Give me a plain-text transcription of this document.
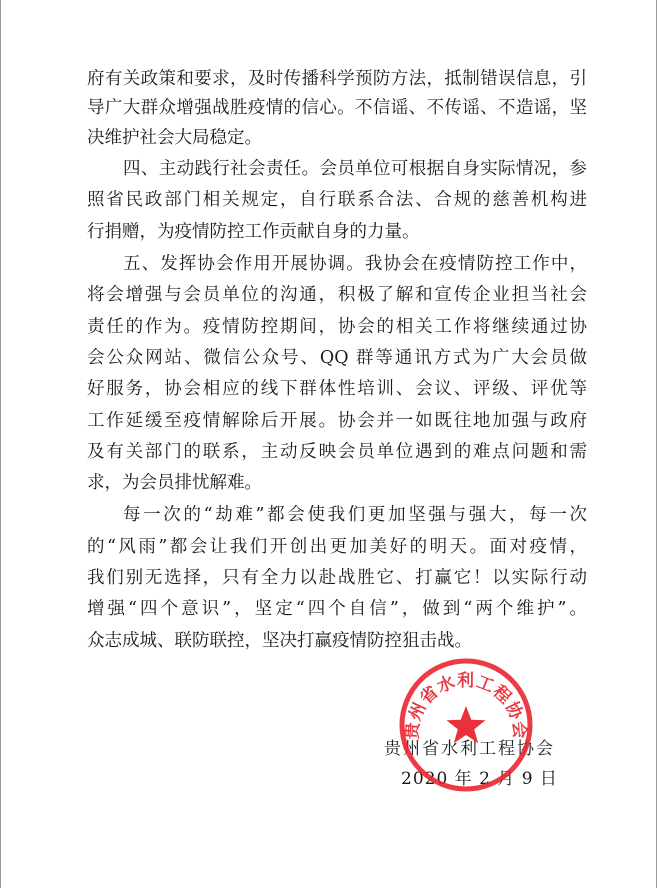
府有关政策和要求，及时传播科学预防方法，抵制错误信息，引
导广大群众增强战胜疫情的信心。不信谣、不传谣、不造谣，坚
决维护社会大局稳定。
四、主动践行社会责任。会员单位可根据自身实际情况，参
照省民政部门相关规定，自行联系合法、合规的慈善机构进
行捐赠，为疫情防控工作贡献自身的力量。
五、发挥协会作用开展协调。我协会在疫情防控工作中，
将会增强与会员单位的沟通，积极了解和宣传企业担当社会
责任的作为。疫情防控期间，协会的相关工作将继续通过协
会公众网站、微信公众号、QQ 群等通讯方式为广大会员做
好服务，协会相应的线下群体性培训、会议、评级、评优等
工作延缓至疫情解除后开展。协会并一如既往地加强与政府
及有关部门的联系，主动反映会员单位遇到的难点问题和需
求，为会员排忧解难。
每一次的“劫难”都会使我们更加坚强与强大，每一次
的“风雨”都会让我们开创出更加美好的明天。面对疫情，
我们别无选择，只有全力以赴战胜它、打赢它！以实际行动
增强“四个意识”，坚定“四个自信”，做到“两个维护”。
众志成城、联防联控，坚决打赢疫情防控狙击战。
贵州省水利工程协会
2020 年 2 月 9 日
贵州省水利工程协会
